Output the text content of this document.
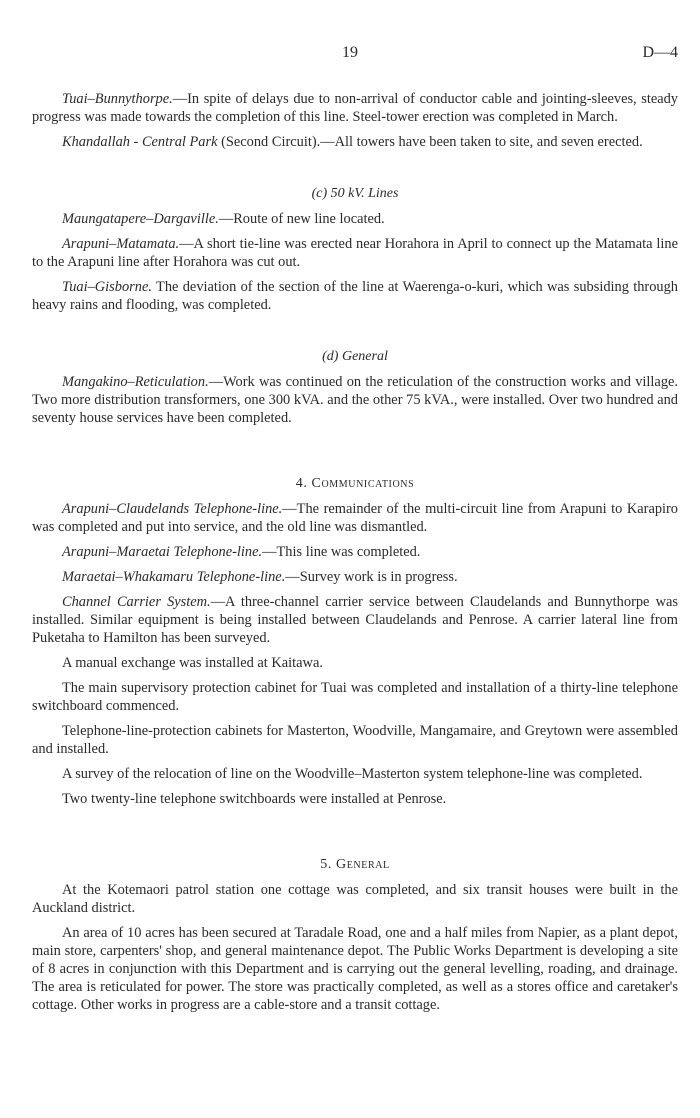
19	D—4

Tuai–Bunnythorpe.—In spite of delays due to non-arrival of conductor cable and jointing-sleeves, steady progress was made towards the completion of this line. Steel-tower erection was completed in March.

Khandallah - Central Park (Second Circuit).—All towers have been taken to site, and seven erected.

(c) 50 kV. Lines

Maungatapere–Dargaville.—Route of new line located.

Arapuni–Matamata.—A short tie-line was erected near Horahora in April to connect up the Matamata line to the Arapuni line after Horahora was cut out.

Tuai–Gisborne. The deviation of the section of the line at Waerenga-o-kuri, which was subsiding through heavy rains and flooding, was completed.

(d) General

Mangakino–Reticulation.—Work was continued on the reticulation of the construction works and village. Two more distribution transformers, one 300 kVA. and the other 75 kVA., were installed. Over two hundred and seventy house services have been completed.

4. Communications

Arapuni–Claudelands Telephone-line.—The remainder of the multi-circuit line from Arapuni to Karapiro was completed and put into service, and the old line was dismantled.

Arapuni–Maraetai Telephone-line.—This line was completed.

Maraetai–Whakamaru Telephone-line.—Survey work is in progress.

Channel Carrier System.—A three-channel carrier service between Claudelands and Bunnythorpe was installed. Similar equipment is being installed between Claudelands and Penrose. A carrier lateral line from Puketaha to Hamilton has been surveyed.

A manual exchange was installed at Kaitawa.

The main supervisory protection cabinet for Tuai was completed and installation of a thirty-line telephone switchboard commenced.

Telephone-line-protection cabinets for Masterton, Woodville, Mangamaire, and Greytown were assembled and installed.

A survey of the relocation of line on the Woodville–Masterton system telephone-line was completed.

Two twenty-line telephone switchboards were installed at Penrose.

5. General

At the Kotemaori patrol station one cottage was completed, and six transit houses were built in the Auckland district.

An area of 10 acres has been secured at Taradale Road, one and a half miles from Napier, as a plant depot, main store, carpenters' shop, and general maintenance depot. The Public Works Department is developing a site of 8 acres in conjunction with this Department and is carrying out the general levelling, roading, and drainage. The area is reticulated for power. The store was practically completed, as well as a stores office and caretaker's cottage. Other works in progress are a cable-store and a transit cottage.
